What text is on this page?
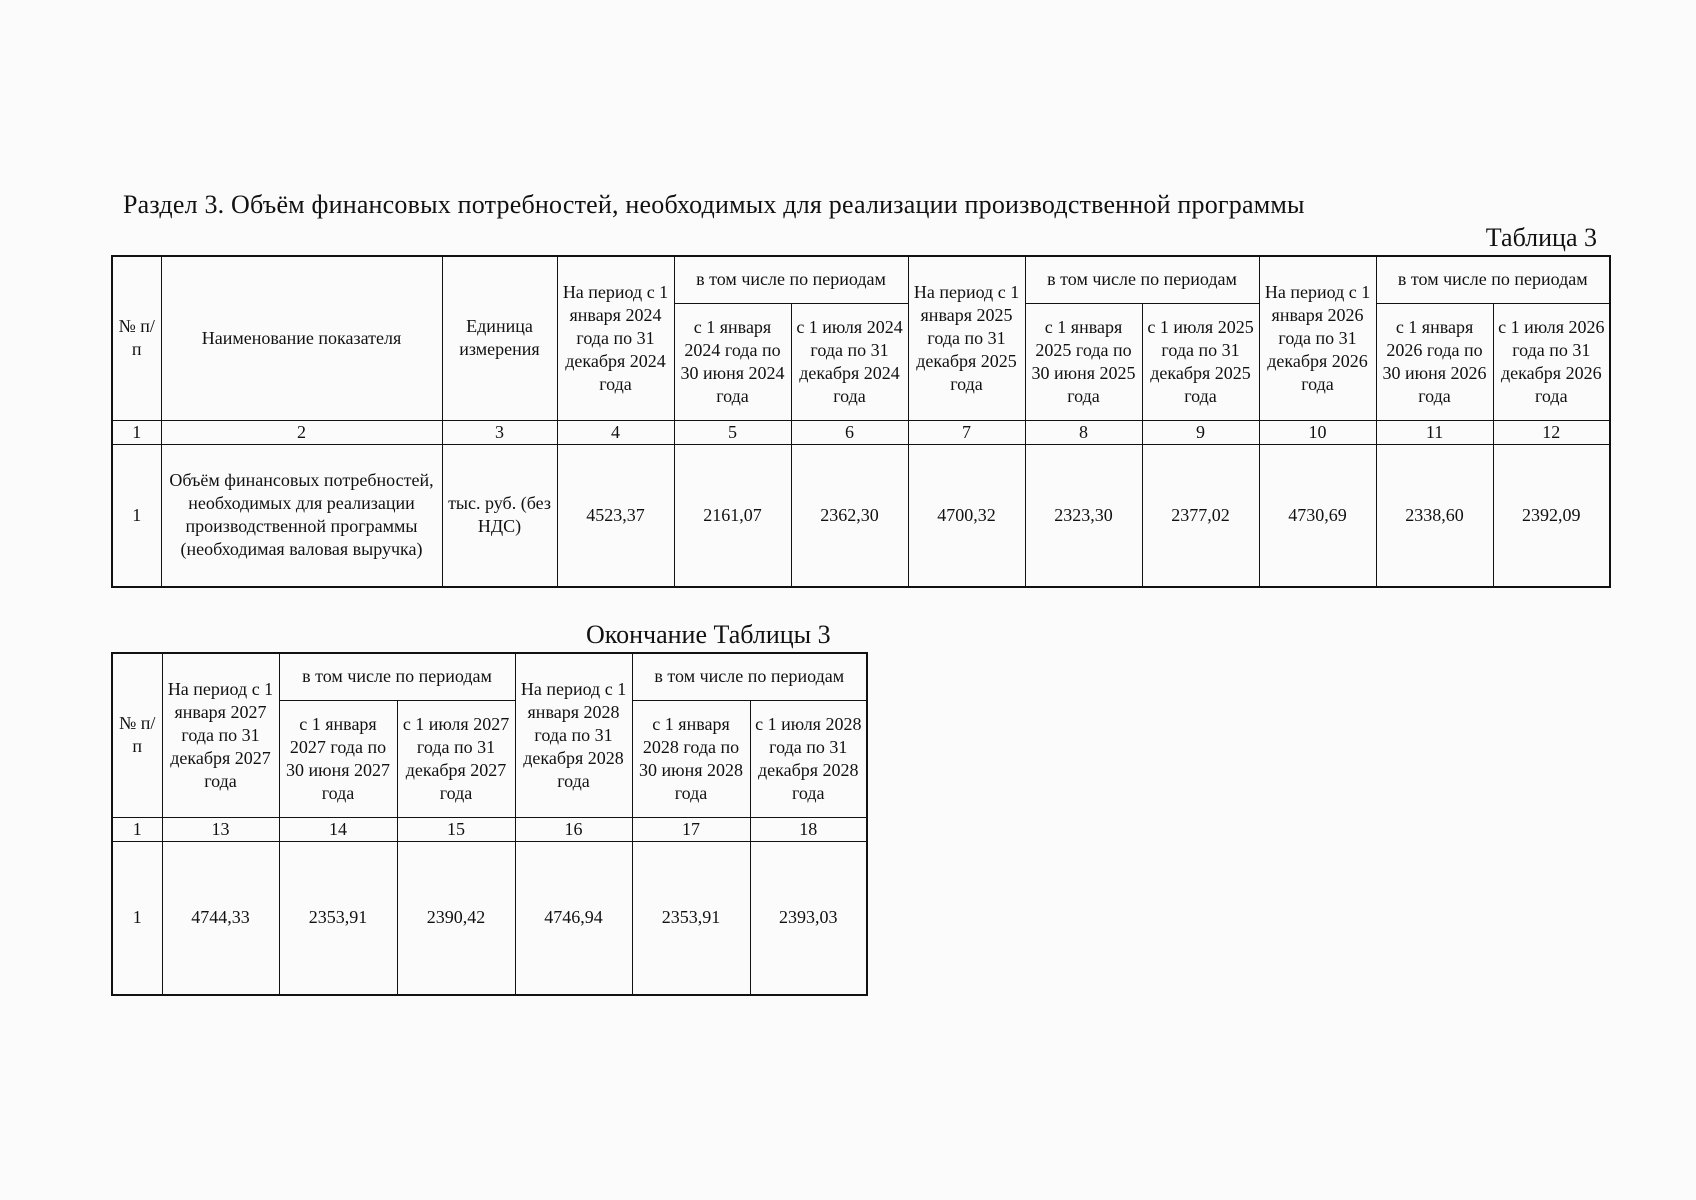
Раздел 3. Объём финансовых потребностей, необходимых для реализации производственной программы
Таблица 3
№ п/п	Наименование показателя	Единица измерения	На период с 1 января 2024 года по 31 декабря 2024 года	в том числе по периодам		На период с 1 января 2025 года по 31 декабря 2025 года	в том числе по периодам		На период с 1 января 2026 года по 31 декабря 2026 года	в том числе по периодам	
				с 1 января 2024 года по 30 июня 2024 года	с 1 июля 2024 года по 31 декабря 2024 года		с 1 января 2025 года по 30 июня 2025 года	с 1 июля 2025 года по 31 декабря 2025 года		с 1 января 2026 года по 30 июня 2026 года	с 1 июля 2026 года по 31 декабря 2026 года
1	2	3	4	5	6	7	8	9	10	11	12
1	Объём финансовых потребностей, необходимых для реализации производственной программы (необходимая валовая выручка)	тыс. руб. (без НДС)	4523,37	2161,07	2362,30	4700,32	2323,30	2377,02	4730,69	2338,60	2392,09
Окончание Таблицы 3
№ п/п	На период с 1 января 2027 года по 31 декабря 2027 года	в том числе по периодам		На период с 1 января 2028 года по 31 декабря 2028 года	в том числе по периодам	
		с 1 января 2027 года по 30 июня 2027 года	с 1 июля 2027 года по 31 декабря 2027 года		с 1 января 2028 года по 30 июня 2028 года	с 1 июля 2028 года по 31 декабря 2028 года
1	13	14	15	16	17	18
1	4744,33	2353,91	2390,42	4746,94	2353,91	2393,03
